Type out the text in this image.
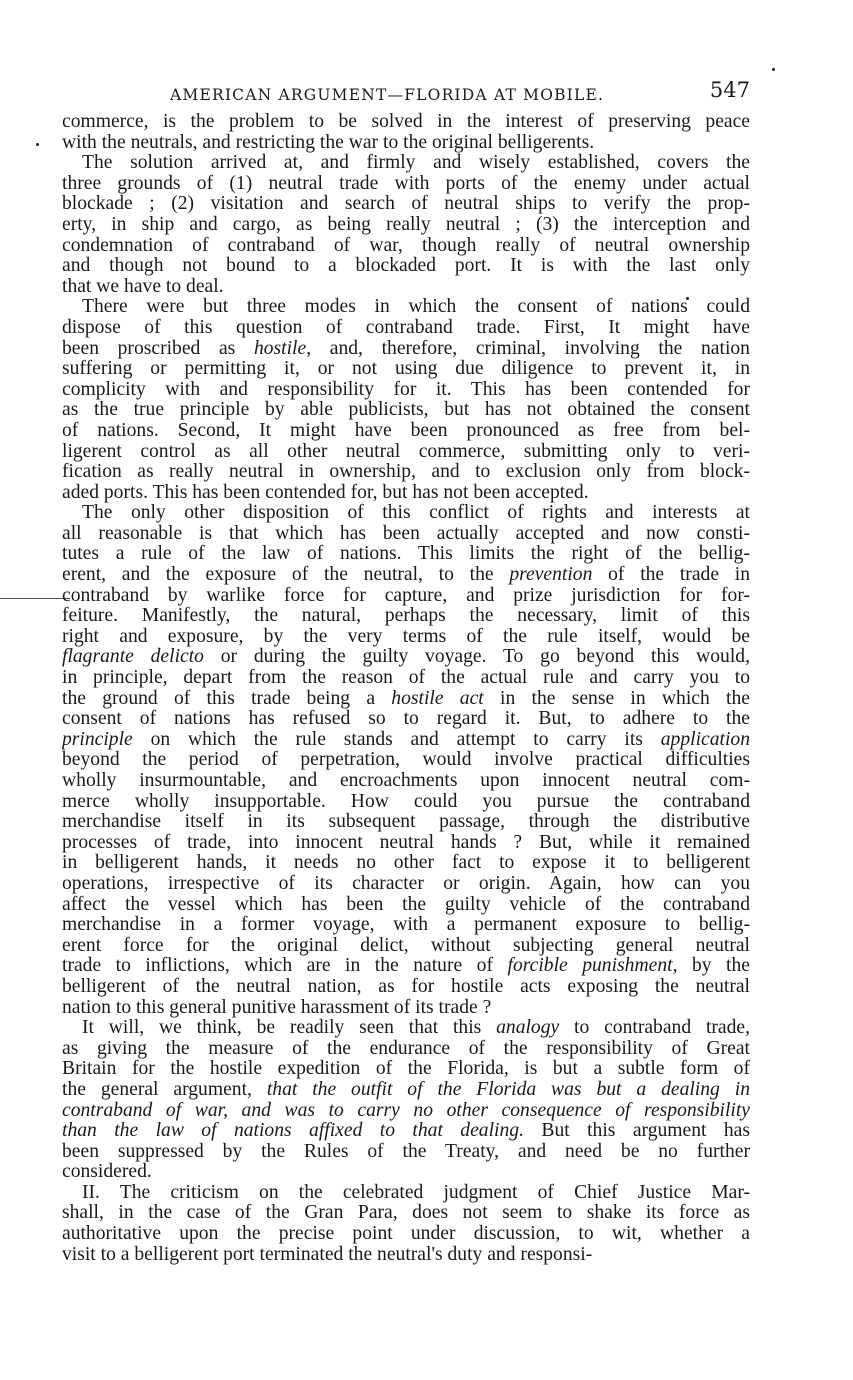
AMERICAN ARGUMENT—FLORIDA AT MOBILE.	547
commerce, is the problem to be solved in the interest of preserving peace
with the neutrals, and restricting the war to the original belligerents.
The solution arrived at, and firmly and wisely established, covers the
three grounds of (1) neutral trade with ports of the enemy under actual
blockade ; (2) visitation and search of neutral ships to verify the prop-
erty, in ship and cargo, as being really neutral ; (3) the interception and
condemnation of contraband of war, though really of neutral ownership
and though not bound to a blockaded port. It is with the last only
that we have to deal.
There were but three modes in which the consent of nations could
dispose of this question of contraband trade. First, It might have
been proscribed as hostile, and, therefore, criminal, involving the nation
suffering or permitting it, or not using due diligence to prevent it, in
complicity with and responsibility for it. This has been contended for
as the true principle by able publicists, but has not obtained the consent
of nations. Second, It might have been pronounced as free from bel-
ligerent control as all other neutral commerce, submitting only to veri-
fication as really neutral in ownership, and to exclusion only from block-
aded ports. This has been contended for, but has not been accepted.
The only other disposition of this conflict of rights and interests at
all reasonable is that which has been actually accepted and now consti-
tutes a rule of the law of nations. This limits the right of the bellig-
erent, and the exposure of the neutral, to the prevention of the trade in
contraband by warlike force for capture, and prize jurisdiction for for-
feiture. Manifestly, the natural, perhaps the necessary, limit of this
right and exposure, by the very terms of the rule itself, would be
flagrante delicto or during the guilty voyage. To go beyond this would,
in principle, depart from the reason of the actual rule and carry you to
the ground of this trade being a hostile act in the sense in which the
consent of nations has refused so to regard it. But, to adhere to the
principle on which the rule stands and attempt to carry its application
beyond the period of perpetration, would involve practical difficulties
wholly insurmountable, and encroachments upon innocent neutral com-
merce wholly insupportable. How could you pursue the contraband
merchandise itself in its subsequent passage, through the distributive
processes of trade, into innocent neutral hands ? But, while it remained
in belligerent hands, it needs no other fact to expose it to belligerent
operations, irrespective of its character or origin. Again, how can you
affect the vessel which has been the guilty vehicle of the contraband
merchandise in a former voyage, with a permanent exposure to bellig-
erent force for the original delict, without subjecting general neutral
trade to inflictions, which are in the nature of forcible punishment, by the
belligerent of the neutral nation, as for hostile acts exposing the neutral
nation to this general punitive harassment of its trade ?
It will, we think, be readily seen that this analogy to contraband trade,
as giving the measure of the endurance of the responsibility of Great
Britain for the hostile expedition of the Florida, is but a subtle form of
the general argument, that the outfit of the Florida was but a dealing in
contraband of war, and was to carry no other consequence of responsibility
than the law of nations affixed to that dealing. But this argument has
been suppressed by the Rules of the Treaty, and need be no further
considered.
II. The criticism on the celebrated judgment of Chief Justice Mar-
shall, in the case of the Gran Para, does not seem to shake its force as
authoritative upon the precise point under discussion, to wit, whether a
visit to a belligerent port terminated the neutral's duty and responsi-
